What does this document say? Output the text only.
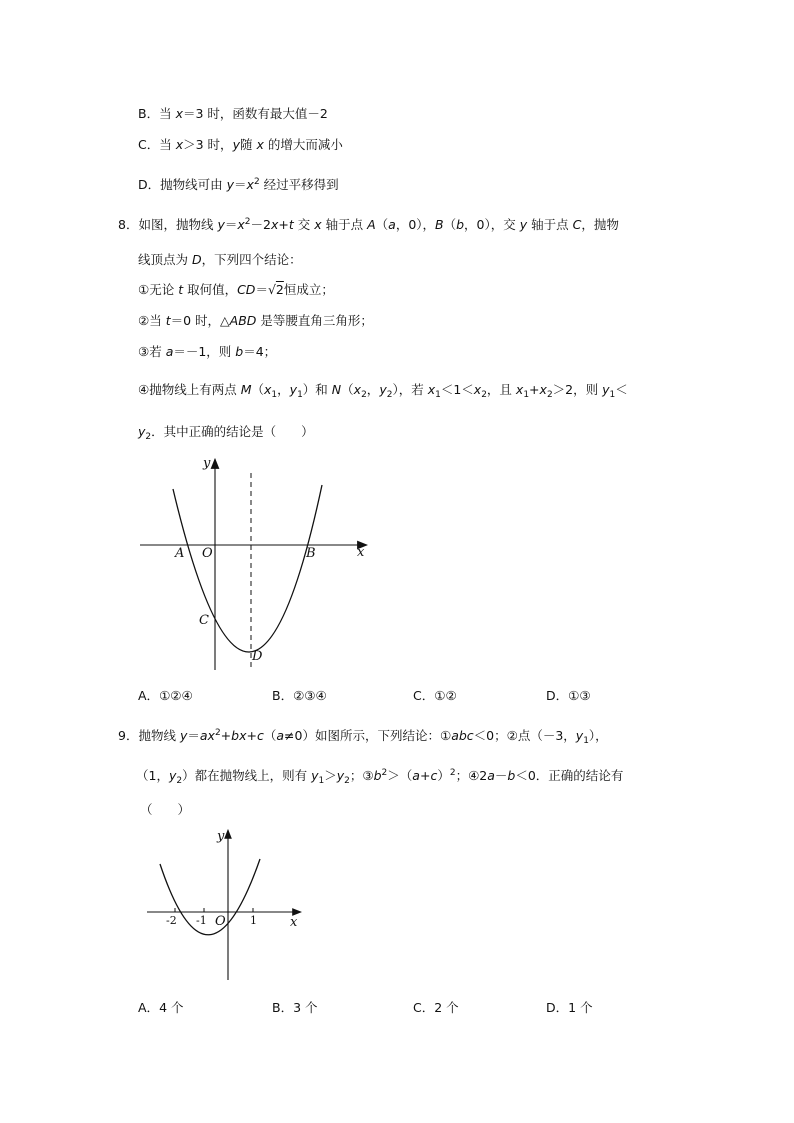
B．当 x＝3 时，函数有最大值－2
C．当 x＞3 时，y随 x 的增大而减小
D．抛物线可由 $y=x^2$ 经过平移得到
8．如图，抛物线 $y=x^2-2x+t$ 交 x 轴于点 A（a，0），B（b，0），交 y 轴于点 C，抛物
线顶点为 D，下列四个结论：
①无论 t 取何值，CD＝√2恒成立；
②当 t＝0 时，△ABD 是等腰直角三角形；
③若 a＝－1，则 b＝4；
④抛物线上有两点 $M(x_1$，$y_1$）和 $N(x_2$，$y_2$），若 $x_1<1<x_2$，且 $x_1+x_2>2$，则 $y_1<$
$y_2$．其中正确的结论是（　　）
y
x
A O	B
C
D
A．①②④	B．②③④	C．①②	D．①③
9．抛物线 $y=ax^2+bx+c(a\ne 0)$如图所示，下列结论：①abc＜0；②点（－3，$y_1$），
（1，$y_2$）都在抛物线上，则有 $y_1>y_2$；$③b^2>(a+c)^2$；④2a－b＜0．正确的结论有
（　　）
y
x
O
-2 -1	1
A．4 个	B．3 个	C．2 个	D．1 个
